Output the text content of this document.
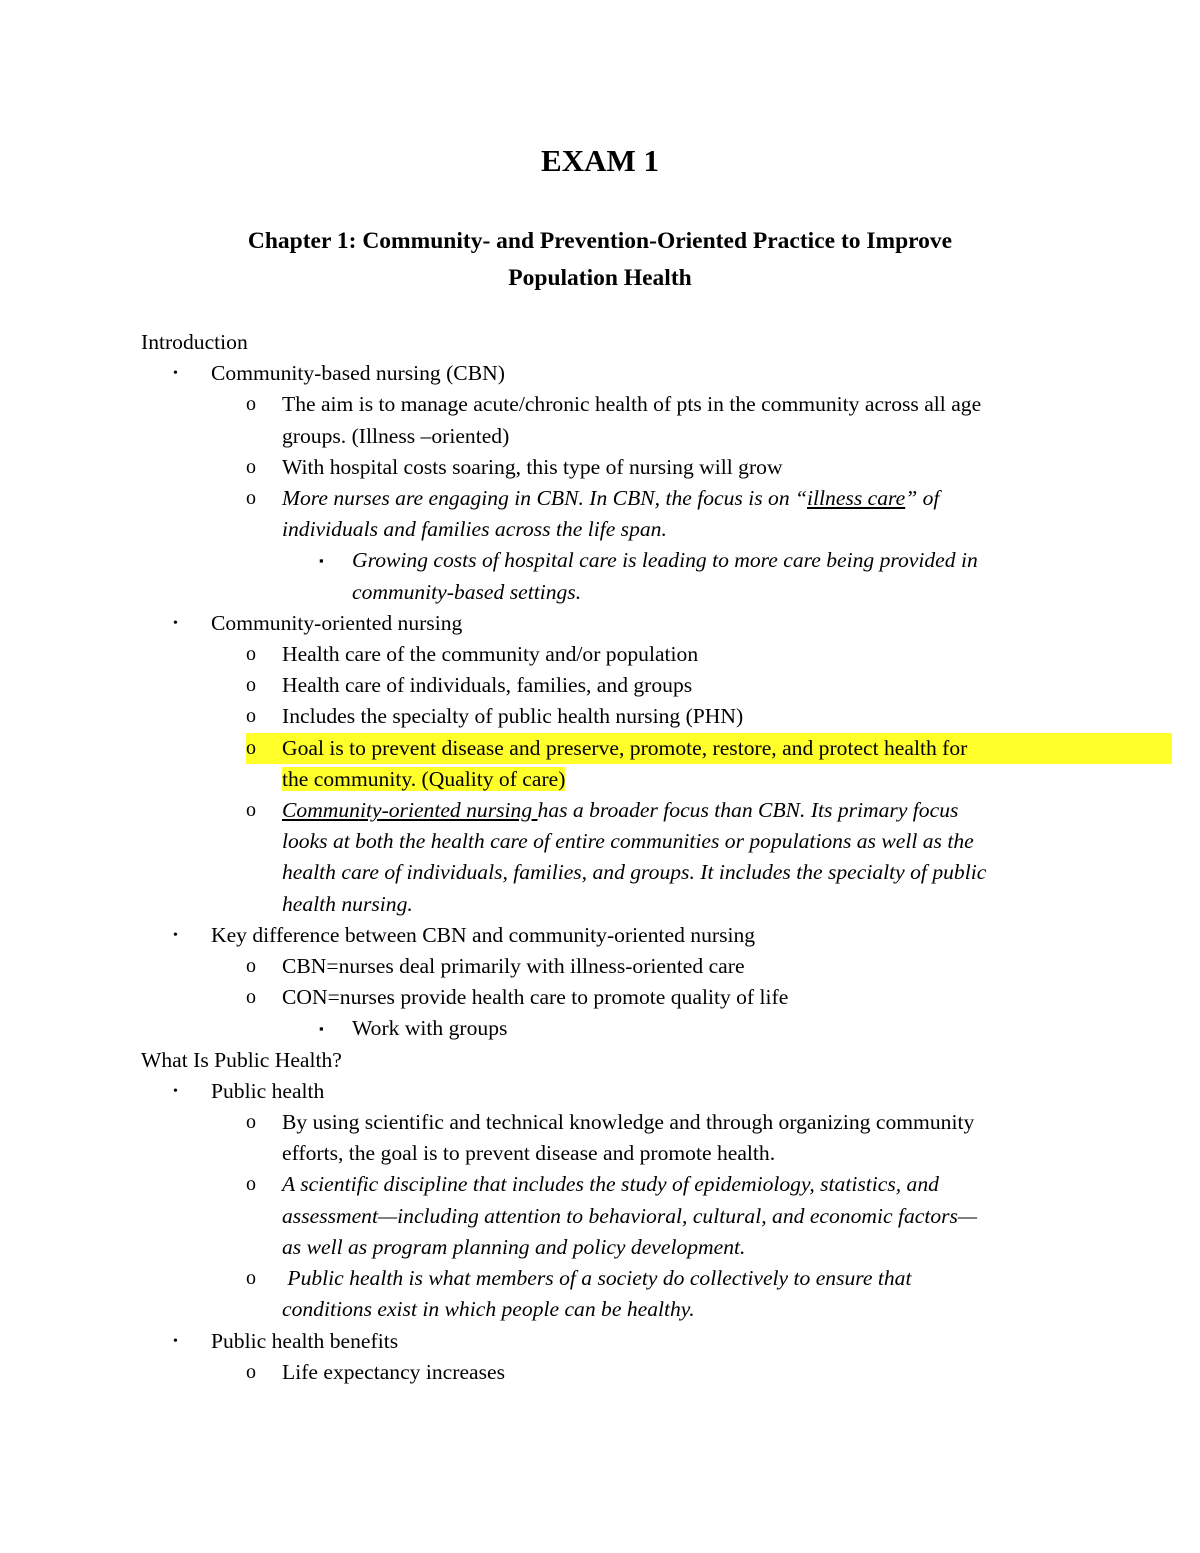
EXAM 1
Chapter 1: Community- and Prevention-Oriented Practice to Improve
Population Health
Introduction
• Community-based nursing (CBN)
o The aim is to manage acute/chronic health of pts in the community across all age
groups. (Illness –oriented)
o With hospital costs soaring, this type of nursing will grow
o More nurses are engaging in CBN. In CBN, the focus is on “illness care” of
individuals and families across the life span.
▪ Growing costs of hospital care is leading to more care being provided in
community-based settings.
• Community-oriented nursing
o Health care of the community and/or population
o Health care of individuals, families, and groups
o Includes the specialty of public health nursing (PHN)
o Goal is to prevent disease and preserve, promote, restore, and protect health for
the community. (Quality of care)
o Community-oriented nursing has a broader focus than CBN. Its primary focus
looks at both the health care of entire communities or populations as well as the
health care of individuals, families, and groups. It includes the specialty of public
health nursing.
• Key difference between CBN and community-oriented nursing
o CBN=nurses deal primarily with illness-oriented care
o CON=nurses provide health care to promote quality of life
▪ Work with groups
What Is Public Health?
• Public health
o By using scientific and technical knowledge and through organizing community
efforts, the goal is to prevent disease and promote health.
o A scientific discipline that includes the study of epidemiology, statistics, and
assessment—including attention to behavioral, cultural, and economic factors—
as well as program planning and policy development.
o Public health is what members of a society do collectively to ensure that
conditions exist in which people can be healthy.
• Public health benefits
o Life expectancy increases
